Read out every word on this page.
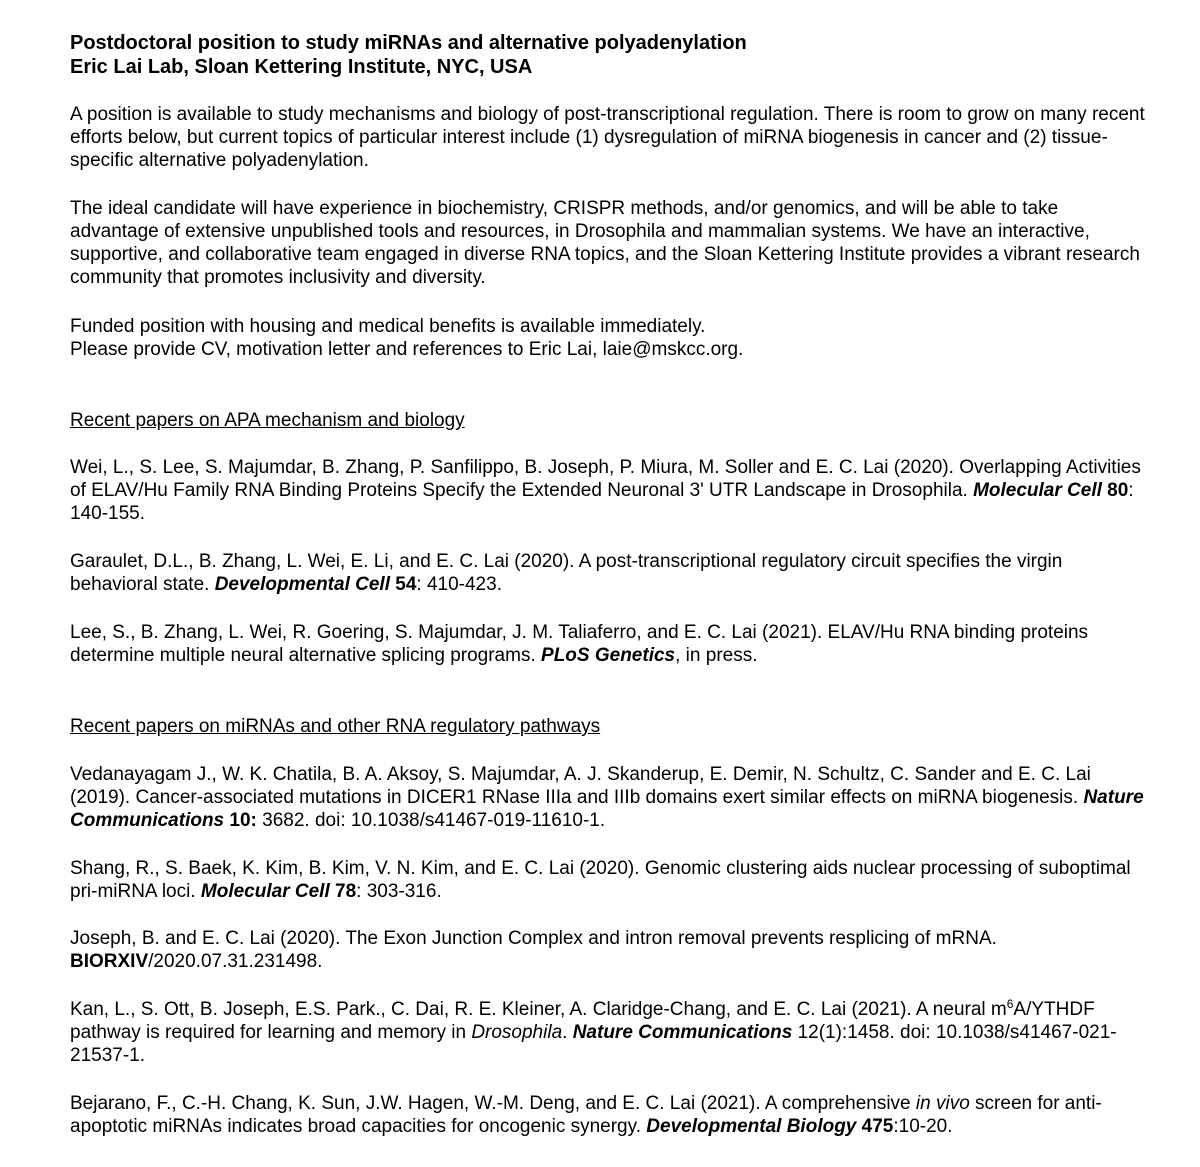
Postdoctoral position to study miRNAs and alternative polyadenylation
Eric Lai Lab, Sloan Kettering Institute, NYC, USA

A position is available to study mechanisms and biology of post-transcriptional regulation. There is room to grow on many recent efforts below, but current topics of particular interest include (1) dysregulation of miRNA biogenesis in cancer and (2) tissue-specific alternative polyadenylation.

The ideal candidate will have experience in biochemistry, CRISPR methods, and/or genomics, and will be able to take advantage of extensive unpublished tools and resources, in Drosophila and mammalian systems. We have an interactive, supportive, and collaborative team engaged in diverse RNA topics, and the Sloan Kettering Institute provides a vibrant research community that promotes inclusivity and diversity.

Funded position with housing and medical benefits is available immediately.
Please provide CV, motivation letter and references to Eric Lai, laie@mskcc.org.
Recent papers on APA mechanism and biology

Wei, L., S. Lee, S. Majumdar, B. Zhang, P. Sanfilippo, B. Joseph, P. Miura, M. Soller and E. C. Lai (2020). Overlapping Activities of ELAV/Hu Family RNA Binding Proteins Specify the Extended Neuronal 3' UTR Landscape in Drosophila. Molecular Cell 80: 140-155.

Garaulet, D.L., B. Zhang, L. Wei, E. Li, and E. C. Lai (2020). A post-transcriptional regulatory circuit specifies the virgin behavioral state. Developmental Cell 54: 410-423.

Lee, S., B. Zhang, L. Wei, R. Goering, S. Majumdar, J. M. Taliaferro, and E. C. Lai (2021). ELAV/Hu RNA binding proteins determine multiple neural alternative splicing programs. PLoS Genetics, in press.

Recent papers on miRNAs and other RNA regulatory pathways

Vedanayagam J., W. K. Chatila, B. A. Aksoy, S. Majumdar, A. J. Skanderup, E. Demir, N. Schultz, C. Sander and E. C. Lai (2019). Cancer-associated mutations in DICER1 RNase IIIa and IIIb domains exert similar effects on miRNA biogenesis. Nature Communications 10: 3682. doi: 10.1038/s41467-019-11610-1.

Shang, R., S. Baek, K. Kim, B. Kim, V. N. Kim, and E. C. Lai (2020). Genomic clustering aids nuclear processing of suboptimal pri-miRNA loci. Molecular Cell 78: 303-316.

Joseph, B. and E. C. Lai (2020). The Exon Junction Complex and intron removal prevents resplicing of mRNA. BIORXIV/2020.07.31.231498.

Kan, L., S. Ott, B. Joseph, E.S. Park., C. Dai, R. E. Kleiner, A. Claridge-Chang, and E. C. Lai (2021). A neural $m^6A$/YTHDF pathway is required for learning and memory in Drosophila. Nature Communications 12(1):1458. doi: 10.1038/s41467-021-21537-1.

Bejarano, F., C.-H. Chang, K. Sun, J.W. Hagen, W.-M. Deng, and E. C. Lai (2021). A comprehensive in vivo screen for anti-apoptotic miRNAs indicates broad capacities for oncogenic synergy. Developmental Biology 475:10-20.
